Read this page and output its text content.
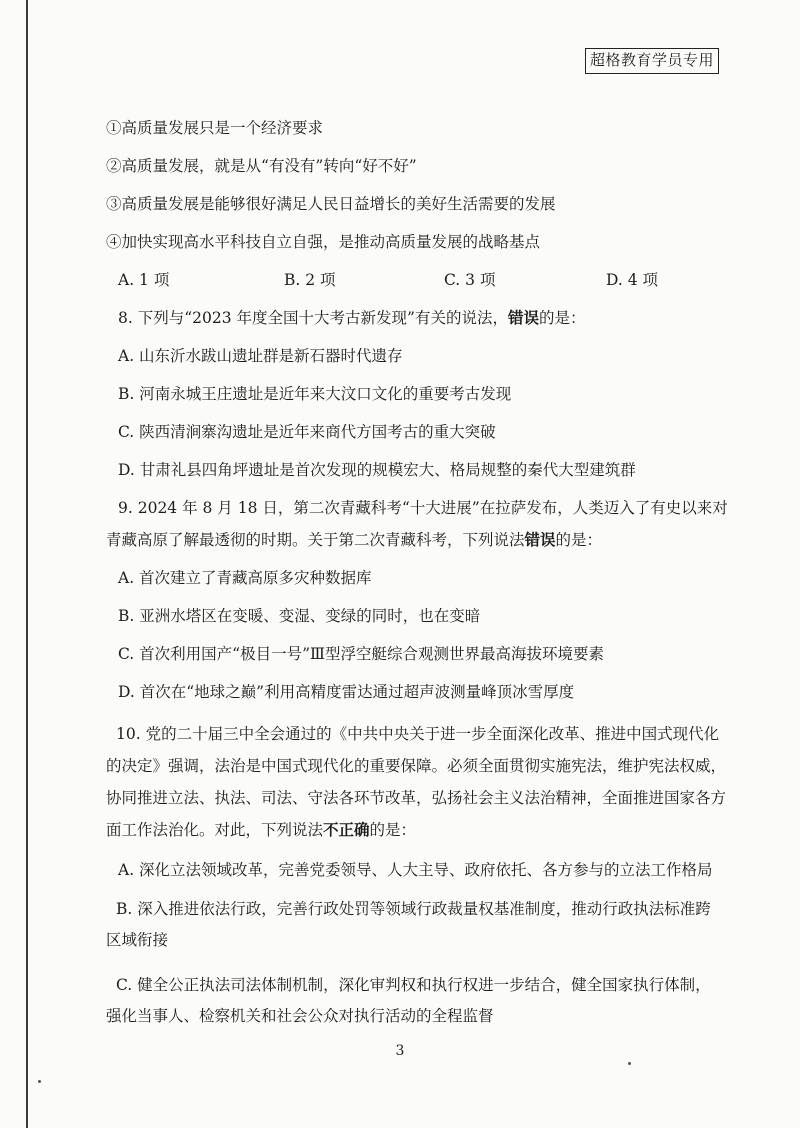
超格教育学员专用
①高质量发展只是一个经济要求
②高质量发展，就是从“有没有”转向“好不好”
③高质量发展是能够很好满足人民日益增长的美好生活需要的发展
④加快实现高水平科技自立自强，是推动高质量发展的战略基点
A. 1 项	B. 2 项	C. 3 项	D. 4 项
8. 下列与“2023 年度全国十大考古新发现”有关的说法，错误的是：
A. 山东沂水跋山遗址群是新石器时代遗存
B. 河南永城王庄遗址是近年来大汶口文化的重要考古发现
C. 陕西清涧寨沟遗址是近年来商代方国考古的重大突破
D. 甘肃礼县四角坪遗址是首次发现的规模宏大、格局规整的秦代大型建筑群
9. 2024 年 8 月 18 日，第二次青藏科考“十大进展”在拉萨发布，人类迈入了有史以来对
青藏高原了解最透彻的时期。关于第二次青藏科考，下列说法错误的是：
A. 首次建立了青藏高原多灾种数据库
B. 亚洲水塔区在变暖、变湿、变绿的同时，也在变暗
C. 首次利用国产“极目一号”Ⅲ型浮空艇综合观测世界最高海拔环境要素
D. 首次在“地球之巅”利用高精度雷达通过超声波测量峰顶冰雪厚度
10. 党的二十届三中全会通过的《中共中央关于进一步全面深化改革、推进中国式现代化的决定》强调，法治是中国式现代化的重要保障。必须全面贯彻实施宪法，维护宪法权威，协同推进立法、执法、司法、守法各环节改革，弘扬社会主义法治精神，全面推进国家各方面工作法治化。对此，下列说法不正确的是：
A. 深化立法领域改革，完善党委领导、人大主导、政府依托、各方参与的立法工作格局
B. 深入推进依法行政，完善行政处罚等领域行政裁量权基准制度，推动行政执法标准跨区域衔接
C. 健全公正执法司法体制机制，深化审判权和执行权进一步结合，健全国家执行体制，强化当事人、检察机关和社会公众对执行活动的全程监督
3
